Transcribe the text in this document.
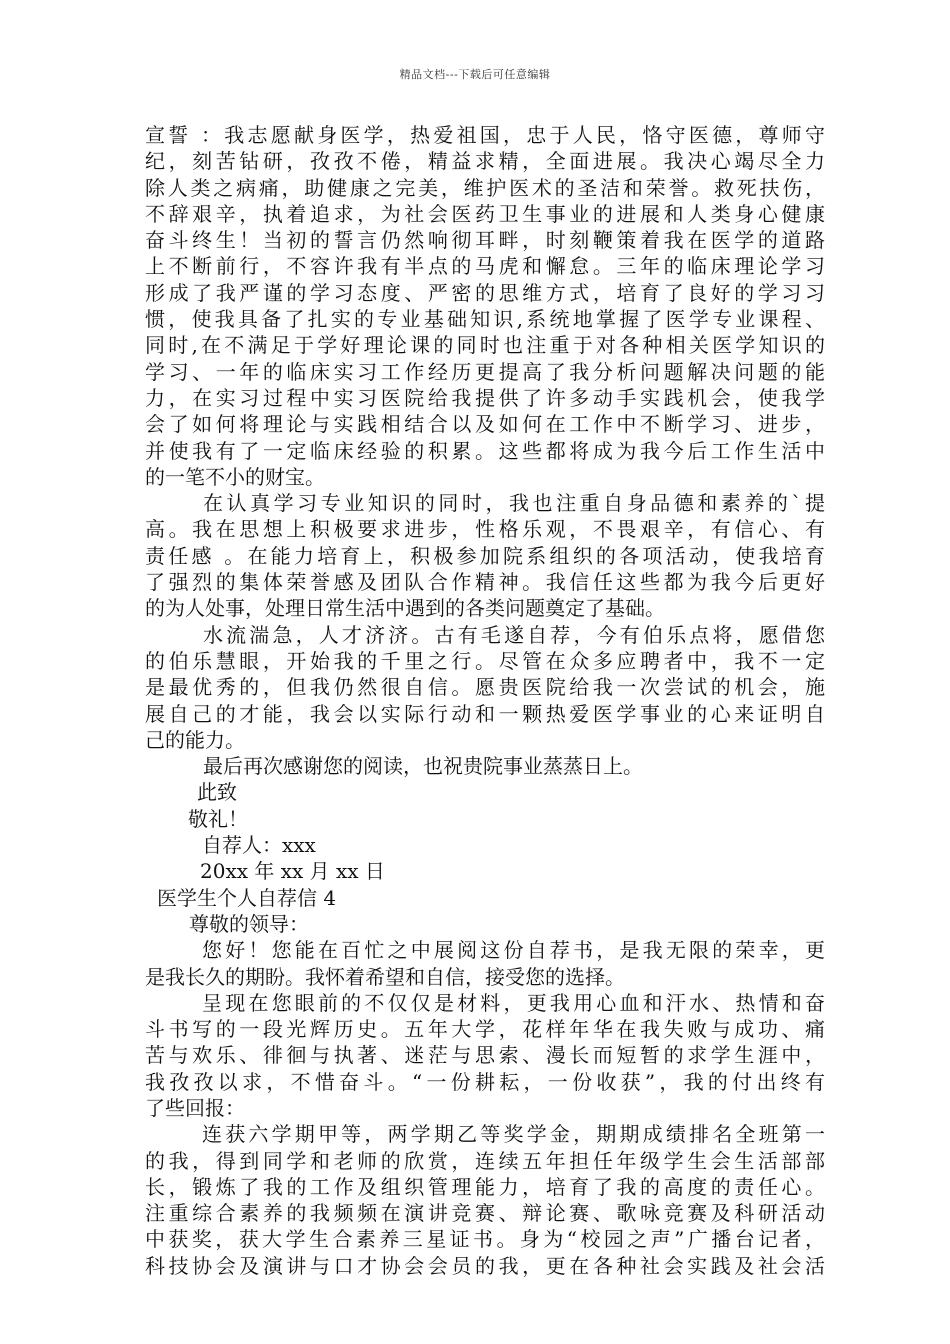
精品文档---下载后可任意编辑
宣誓 ：我志愿献身医学，热爱祖国，忠于人民，恪守医德，尊师守
纪，刻苦钻研，孜孜不倦，精益求精，全面进展。我决心竭尽全力
除人类之病痛，助健康之完美，维护医术的圣洁和荣誉。救死扶伤，
不辞艰辛，执着追求，为社会医药卫生事业的进展和人类身心健康
奋斗终生！当初的誓言仍然响彻耳畔，时刻鞭策着我在医学的道路
上不断前行，不容许我有半点的马虎和懈怠。三年的临床理论学习
形成了我严谨的学习态度、严密的思维方式，培育了良好的学习习
惯，使我具备了扎实的专业基础知识,系统地掌握了医学专业课程、
同时,在不满足于学好理论课的同时也注重于对各种相关医学知识的
学习、一年的临床实习工作经历更提高了我分析问题解决问题的能
力，在实习过程中实习医院给我提供了许多动手实践机会，使我学
会了如何将理论与实践相结合以及如何在工作中不断学习、进步，
并使我有了一定临床经验的积累。这些都将成为我今后工作生活中
的一笔不小的财宝。
在认真学习专业知识的同时，我也注重自身品德和素养的`提
高。我在思想上积极要求进步，性格乐观，不畏艰辛，有信心、有
责任感 。在能力培育上，积极参加院系组织的各项活动，使我培育
了强烈的集体荣誉感及团队合作精神。我信任这些都为我今后更好
的为人处事，处理日常生活中遇到的各类问题奠定了基础。
水流湍急，人才济济。古有毛遂自荐，今有伯乐点将，愿借您
的伯乐慧眼，开始我的千里之行。尽管在众多应聘者中，我不一定
是最优秀的，但我仍然很自信。愿贵医院给我一次尝试的机会，施
展自己的才能，我会以实际行动和一颗热爱医学事业的心来证明自
己的能力。
最后再次感谢您的阅读，也祝贵院事业蒸蒸日上。
此致
敬礼！
自荐人：xxx
20xx 年 xx 月 xx 日
医学生个人自荐信 4
尊敬的领导：
您好！您能在百忙之中展阅这份自荐书，是我无限的荣幸，更
是我长久的期盼。我怀着希望和自信，接受您的选择。
呈现在您眼前的不仅仅是材料，更我用心血和汗水、热情和奋
斗书写的一段光辉历史。五年大学，花样年华在我失败与成功、痛
苦与欢乐、徘徊与执著、迷茫与思索、漫长而短暂的求学生涯中，
我孜孜以求，不惜奋斗。“一份耕耘，一份收获”，我的付出终有
了些回报：
连获六学期甲等，两学期乙等奖学金，期期成绩排名全班第一
的我，得到同学和老师的欣赏，连续五年担任年级学生会生活部部
长，锻炼了我的工作及组织管理能力，培育了我的高度的责任心。
注重综合素养的我频频在演讲竞赛、辩论赛、歌咏竞赛及科研活动
中获奖，获大学生合素养三星证书。身为“校园之声”广播台记者，
科技协会及演讲与口才协会会员的我，更在各种社会实践及社会活
